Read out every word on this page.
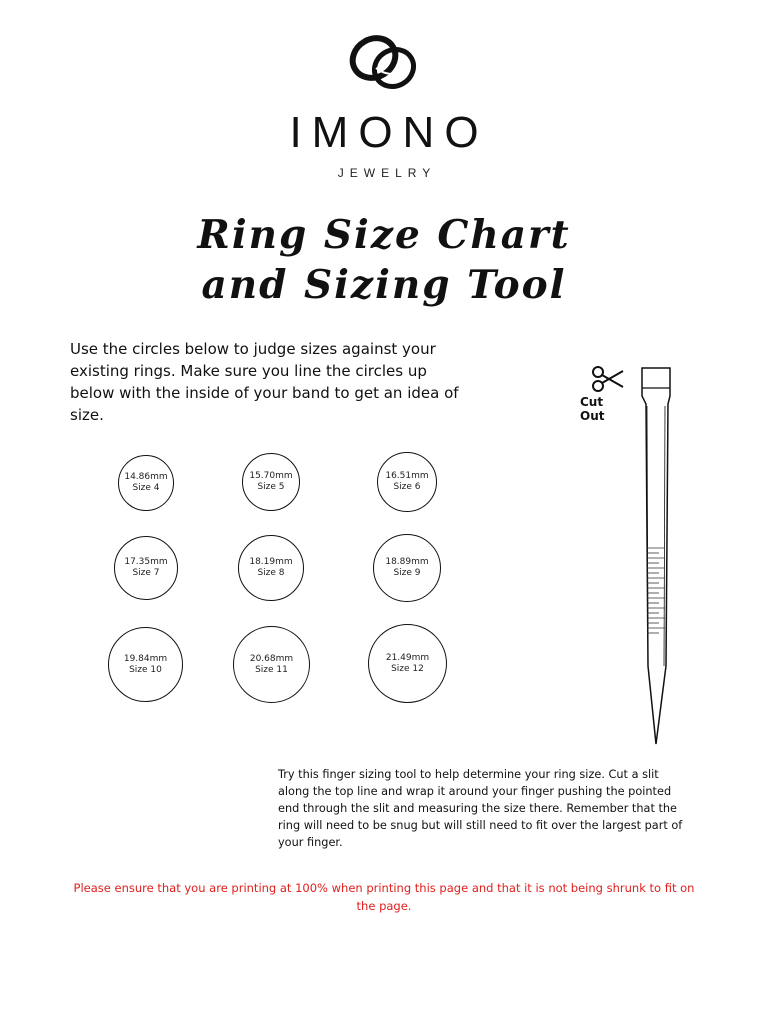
IMONO
JEWELRY
Ring Size Chart
and Sizing Tool
Use the circles below to judge sizes against your existing rings. Make sure you line the circles up below with the inside of your band to get an idea of size.
14.86mm
Size 4
15.70mm
Size 5
16.51mm
Size 6
17.35mm
Size 7
18.19mm
Size 8
18.89mm
Size 9
19.84mm
Size 10
20.68mm
Size 11
21.49mm
Size 12
Cut Out
Try this finger sizing tool to help determine your ring size. Cut a slit along the top line and wrap it around your finger pushing the pointed end through the slit and measuring the size there. Remember that the ring will need to be snug but will still need to fit over the largest part of your finger.
Please ensure that you are printing at 100% when printing this page and that it is not being shrunk to fit on the page.
